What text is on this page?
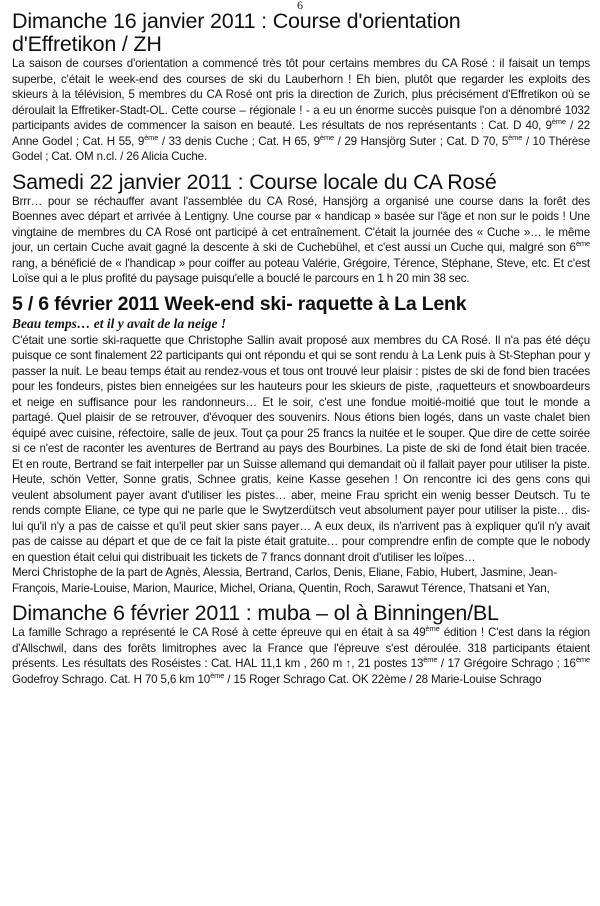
6
Dimanche 16 janvier 2011 : Course d'orientation
d'Effretikon / ZH

La saison de courses d'orientation a commencé très tôt pour certains membres du CA Rosé : il faisait un temps superbe, c'était le week-end des courses de ski du Lauberhorn ! Eh bien, plutôt que regarder les exploits des skieurs à la télévision, 5 membres du CA Rosé ont pris la direction de Zurich, plus précisément d'Effretikon où se déroulait la Effretiker-Stadt-OL. Cette course – régionale ! - a eu un énorme succès puisque l'on a dénombré 1032 participants avides de commencer la saison en beauté. Les résultats de nos représentants : Cat. D 40, 9ème / 22 Anne Godel ; Cat. H 55, 9ème / 33 denis Cuche ; Cat. H 65, 9ème / 29 Hansjörg Suter ; Cat. D 70, 5ème / 10 Thérèse Godel ; Cat. OM n.cl. / 26 Alicia Cuche.

Samedi 22 janvier 2011 : Course locale du CA Rosé

Brrr… pour se réchauffer avant l'assemblée du CA Rosé, Hansjörg a organisé une course dans la forêt des Boennes avec départ et arrivée à Lentigny. Une course par « handicap » basée sur l'âge et non sur le poids ! Une vingtaine de membres du CA Rosé ont participé à cet entraînement. C'était la journée des « Cuche »… le même jour, un certain Cuche avait gagné la descente à ski de Cuchebühel, et c'est aussi un Cuche qui, malgré son 6ème rang, a bénéficié de « l'handicap » pour coiffer au poteau Valérie, Grégoire, Térence, Stéphane, Steve, etc. Et c'est Loïse qui a le plus profité du paysage puisqu'elle a bouclé le parcours en 1 h 20 min 38 sec.

5 / 6 février 2011 Week-end ski- raquette à La Lenk
Beau temps… et il y avait de la neige !

C'était une sortie ski-raquette que Christophe Sallin avait proposé aux membres du CA Rosé. Il n'a pas été déçu puisque ce sont finalement 22 participants qui ont répondu et qui se sont rendu à La Lenk puis à St-Stephan pour y passer la nuit. Le beau temps était au rendez-vous et tous ont trouvé leur plaisir : pistes de ski de fond bien tracées pour les fondeurs, pistes bien enneigées sur les hauteurs pour les skieurs de piste, ,raquetteurs et snowboardeurs et neige en suffisance pour les randonneurs… Et le soir, c'est une fondue moitié-moitié que tout le monde a partagé. Quel plaisir de se retrouver, d'évoquer des souvenirs. Nous étions bien logés, dans un vaste chalet bien équipé avec cuisine, réfectoire, salle de jeux. Tout ça pour 25 francs la nuitée et le souper. Que dire de cette soirée si ce n'est de raconter les aventures de Bertrand au pays des Bourbines. La piste de ski de fond était bien tracée. Et en route, Bertrand se fait interpeller par un Suisse allemand qui demandait où il fallait payer pour utiliser la piste. Heute, schön Vetter, Sonne gratis, Schnee gratis, keine Kasse gesehen ! On rencontre ici des gens cons qui veulent absolument payer avant d'utiliser les pistes… aber, meine Frau spricht ein wenig besser Deutsch. Tu te rends compte Eliane, ce type qui ne parle que le Swytzerdütsch veut absolument payer pour utiliser la piste… dis-lui qu'il n'y a pas de caisse et qu'il peut skier sans payer… A eux deux, ils n'arrivent pas à expliquer qu'il n'y avait pas de caisse au départ et que de ce fait la piste était gratuite… pour comprendre enfin de compte que le nobody en question était celui qui distribuait les tickets de 7 francs donnant droit d'utiliser les loïpes…

Merci Christophe de la part de Agnès, Alessia, Bertrand, Carlos, Denis, Eliane, Fabio, Hubert, Jasmine, Jean-François, Marie-Louise, Marion, Maurice, Michel, Oriana, Quentin, Roch, Sarawut Térence, Thatsani et Yan,

Dimanche 6 février 2011 : muba – ol à Binningen/BL

La famille Schrago a représenté le CA Rosé à cette épreuve qui en était à sa 49ème édition ! C'est dans la région d'Allschwil, dans des forêts limitrophes avec la France que l'épreuve s'est déroulée. 318 participants étaient présents. Les résultats des Roséistes : Cat. HAL 11,1 km , 260 m ↑, 21 postes 13ème / 17 Grégoire Schrago ; 16ème Godefroy Schrago. Cat. H 70 5,6 km 10ème / 15 Roger Schrago Cat. OK 22ème / 28 Marie-Louise Schrago
